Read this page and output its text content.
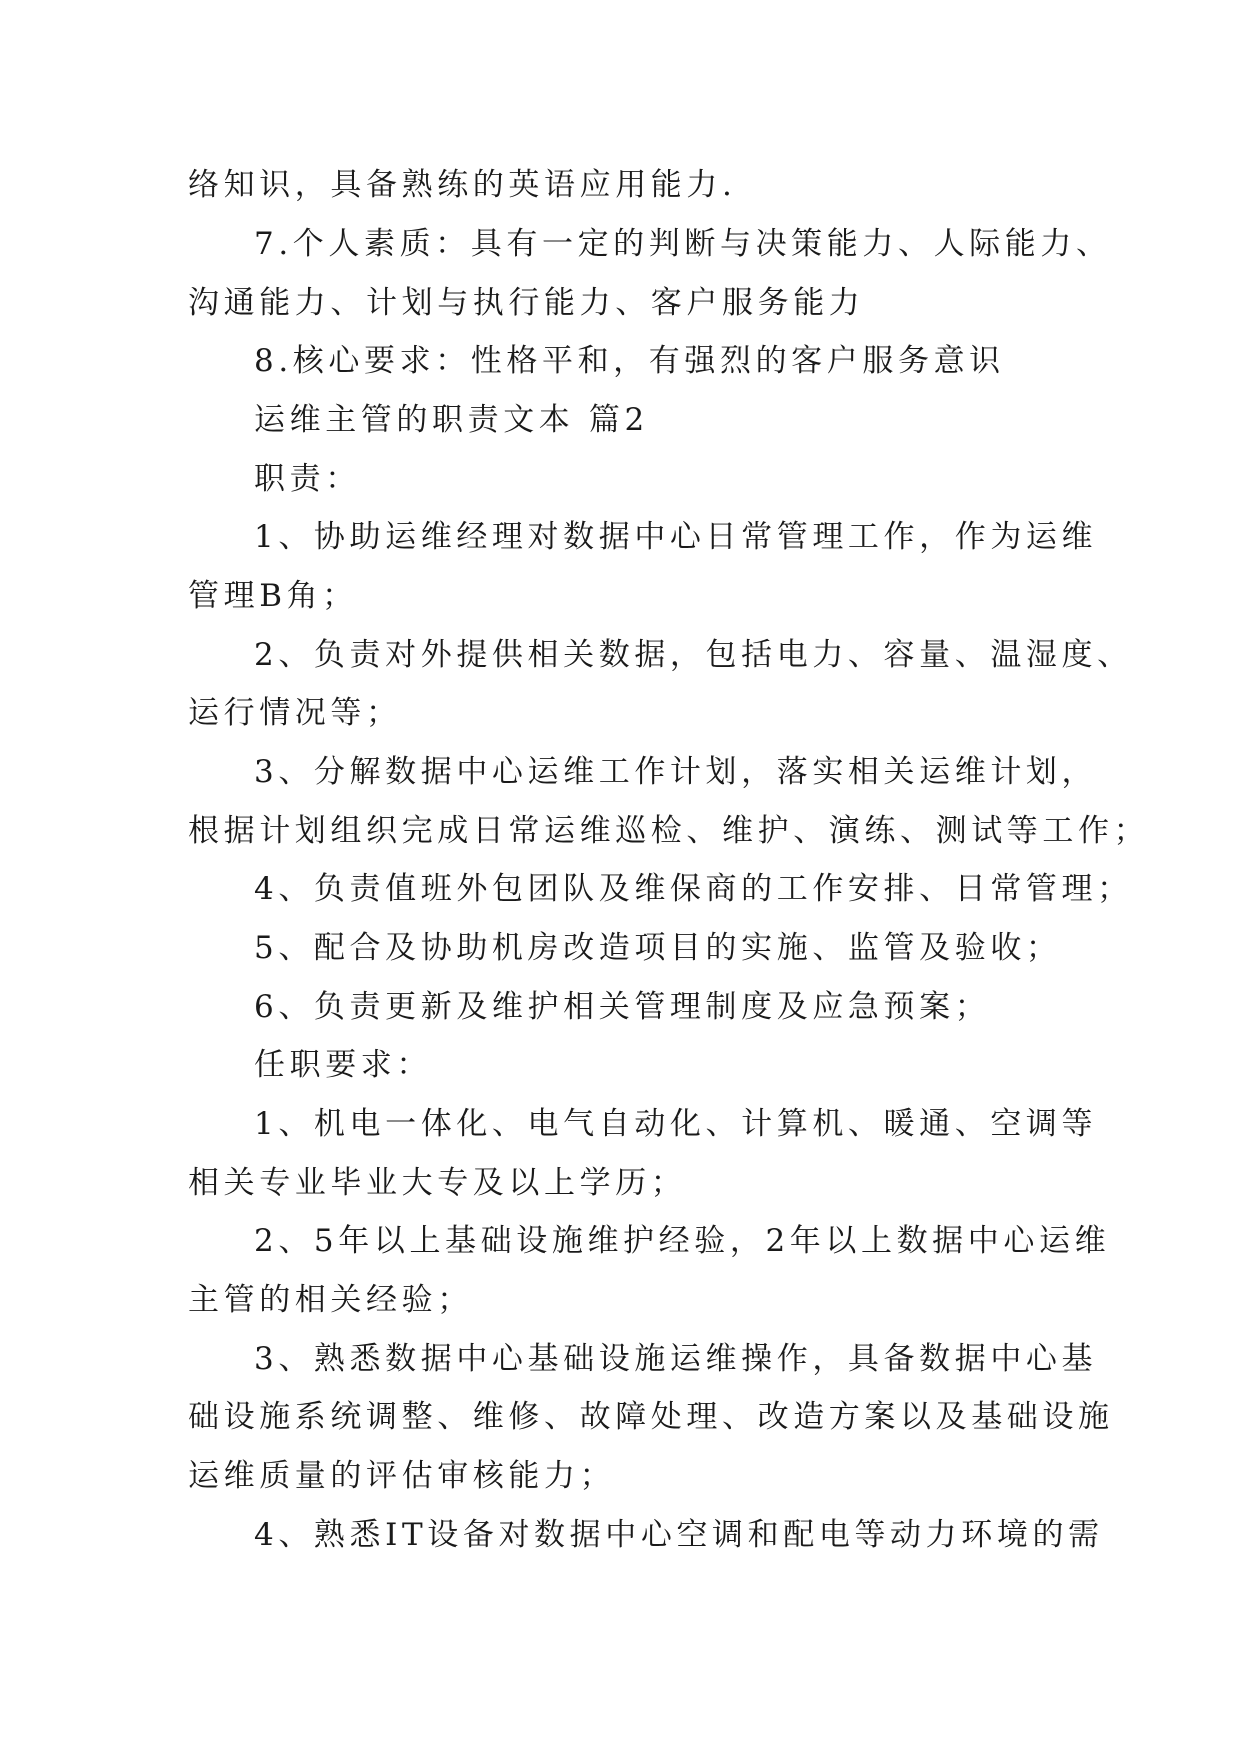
络知识，具备熟练的英语应用能力.
7.个人素质：具有一定的判断与决策能力、人际能力、
沟通能力、计划与执行能力、客户服务能力
8.核心要求：性格平和，有强烈的客户服务意识
运维主管的职责文本 篇2
职责：
1、协助运维经理对数据中心日常管理工作，作为运维
管理B角；
2、负责对外提供相关数据，包括电力、容量、温湿度、
运行情况等；
3、分解数据中心运维工作计划，落实相关运维计划，
根据计划组织完成日常运维巡检、维护、演练、测试等工作；
4、负责值班外包团队及维保商的工作安排、日常管理；
5、配合及协助机房改造项目的实施、监管及验收；
6、负责更新及维护相关管理制度及应急预案；
任职要求：
1、机电一体化、电气自动化、计算机、暖通、空调等
相关专业毕业大专及以上学历；
2、5年以上基础设施维护经验，2年以上数据中心运维
主管的相关经验；
3、熟悉数据中心基础设施运维操作，具备数据中心基
础设施系统调整、维修、故障处理、改造方案以及基础设施
运维质量的评估审核能力；
4、熟悉IT设备对数据中心空调和配电等动力环境的需
